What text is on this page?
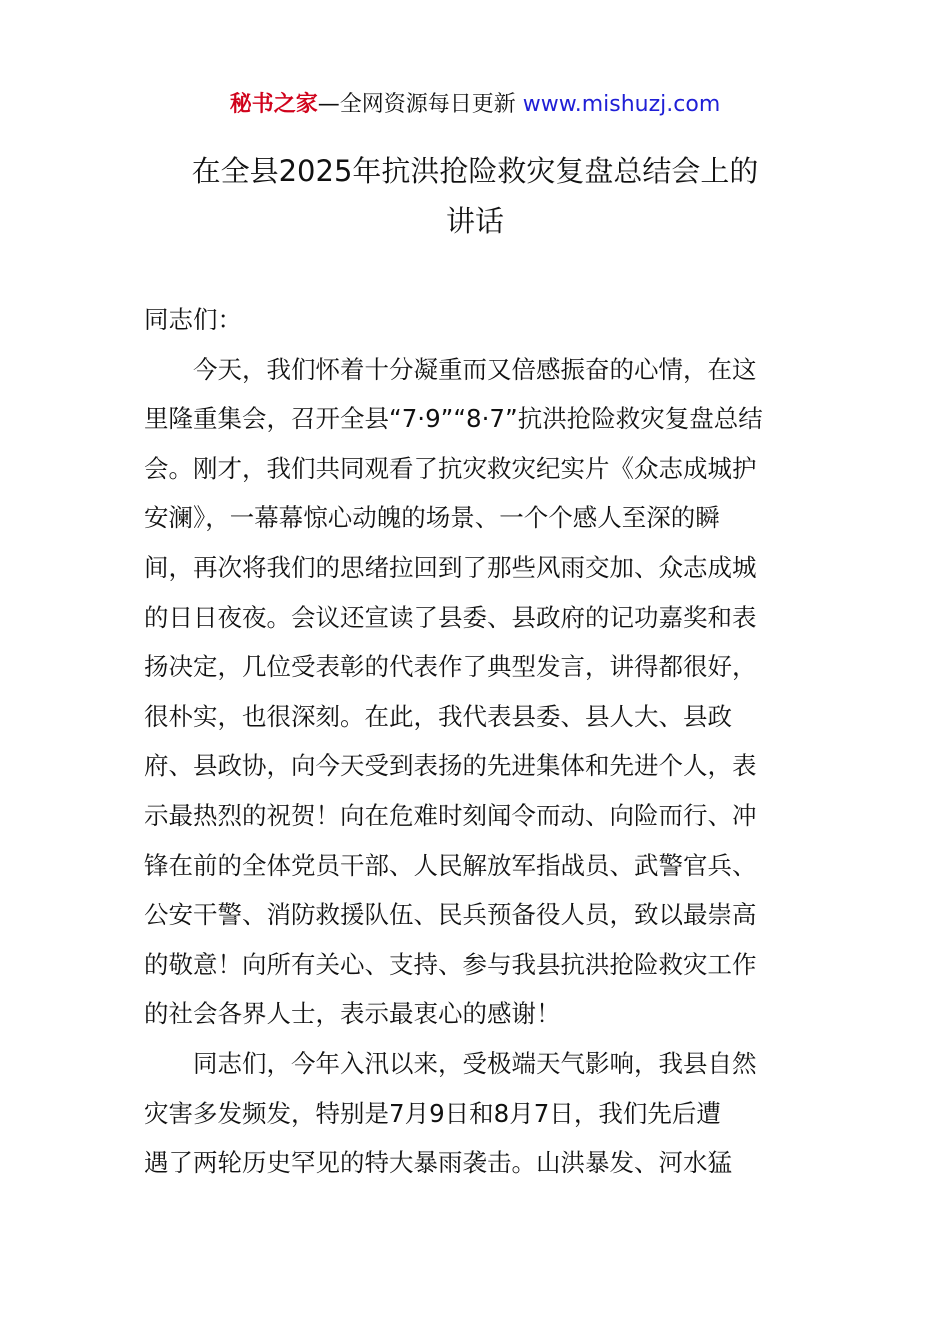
秘书之家—全网资源每日更新 www.mishuzj.com
在全县2025年抗洪抢险救灾复盘总结会上的
讲话

同志们：

今天，我们怀着十分凝重而又倍感振奋的心情，在这
里隆重集会，召开全县“7·9”“8·7”抗洪抢险救灾复盘总结
会。刚才，我们共同观看了抗灾救灾纪实片《众志成城护
安澜》，一幕幕惊心动魄的场景、一个个感人至深的瞬
间，再次将我们的思绪拉回到了那些风雨交加、众志成城
的日日夜夜。会议还宣读了县委、县政府的记功嘉奖和表
扬决定，几位受表彰的代表作了典型发言，讲得都很好，
很朴实，也很深刻。在此，我代表县委、县人大、县政
府、县政协，向今天受到表扬的先进集体和先进个人，表
示最热烈的祝贺！向在危难时刻闻令而动、向险而行、冲
锋在前的全体党员干部、人民解放军指战员、武警官兵、
公安干警、消防救援队伍、民兵预备役人员，致以最崇高
的敬意！向所有关心、支持、参与我县抗洪抢险救灾工作
的社会各界人士，表示最衷心的感谢！

同志们，今年入汛以来，受极端天气影响，我县自然
灾害多发频发，特别是7月9日和8月7日，我们先后遭
遇了两轮历史罕见的特大暴雨袭击。山洪暴发、河水猛
